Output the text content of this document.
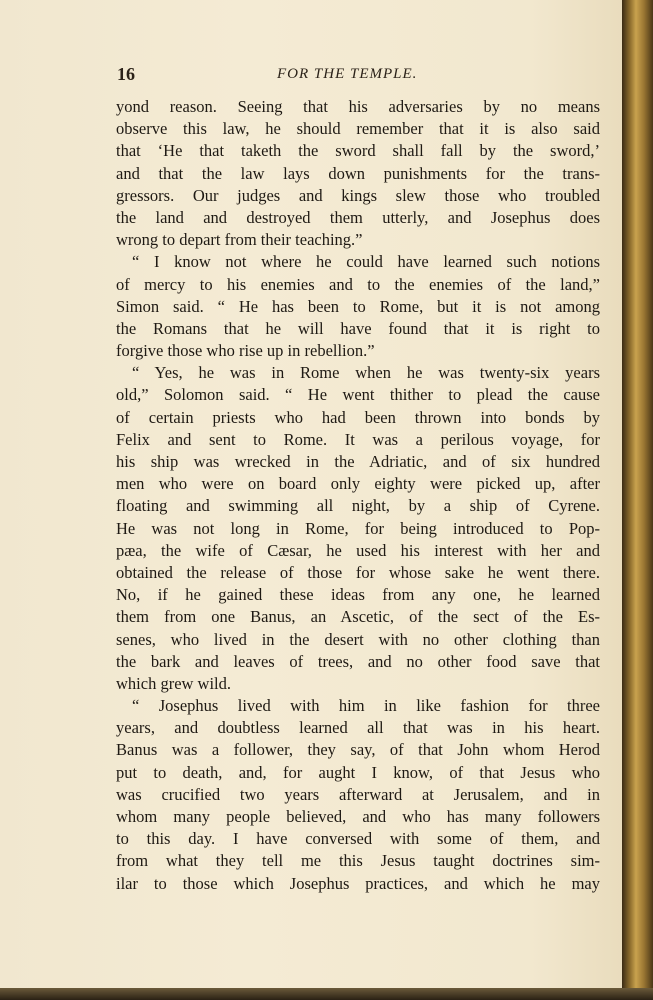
16	FOR THE TEMPLE.
yond reason. Seeing that his adversaries by no means
observe this law, he should remember that it is also said
that ‘He that taketh the sword shall fall by the sword,’
and that the law lays down punishments for the trans-
gressors. Our judges and kings slew those who troubled
the land and destroyed them utterly, and Josephus does
wrong to depart from their teaching.”
“ I know not where he could have learned such notions
of mercy to his enemies and to the enemies of the land,”
Simon said. “ He has been to Rome, but it is not among
the Romans that he will have found that it is right to
forgive those who rise up in rebellion.”
“ Yes, he was in Rome when he was twenty-six years
old,” Solomon said. “ He went thither to plead the cause
of certain priests who had been thrown into bonds by
Felix and sent to Rome. It was a perilous voyage, for
his ship was wrecked in the Adriatic, and of six hundred
men who were on board only eighty were picked up, after
floating and swimming all night, by a ship of Cyrene.
He was not long in Rome, for being introduced to Pop-
pæa, the wife of Cæsar, he used his interest with her and
obtained the release of those for whose sake he went there.
No, if he gained these ideas from any one, he learned
them from one Banus, an Ascetic, of the sect of the Es-
senes, who lived in the desert with no other clothing than
the bark and leaves of trees, and no other food save that
which grew wild.
“ Josephus lived with him in like fashion for three
years, and doubtless learned all that was in his heart.
Banus was a follower, they say, of that John whom Herod
put to death, and, for aught I know, of that Jesus who
was crucified two years afterward at Jerusalem, and in
whom many people believed, and who has many followers
to this day. I have conversed with some of them, and
from what they tell me this Jesus taught doctrines sim-
ilar to those which Josephus practices, and which he may
